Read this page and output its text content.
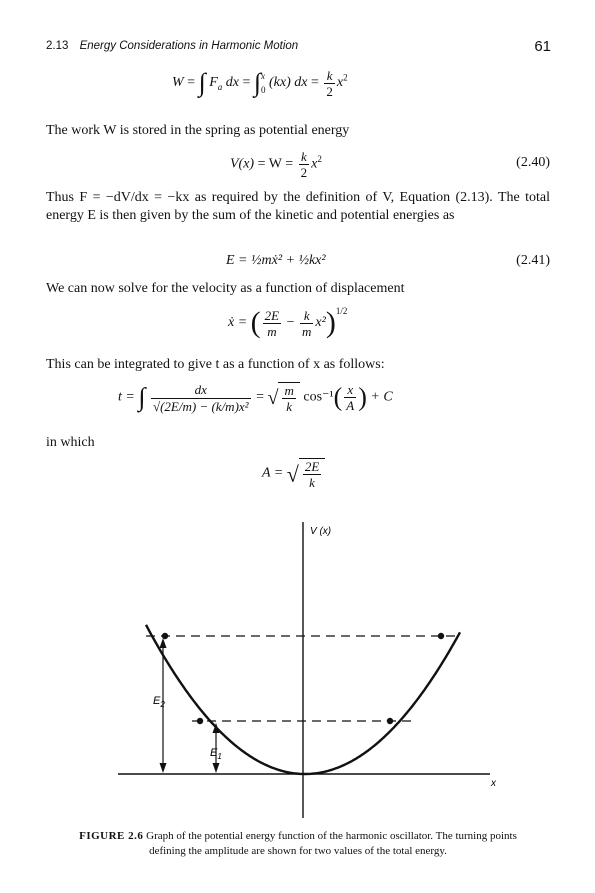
2.13 Energy Considerations in Harmonic Motion	61
W = ∫ $F_a$ dx = ∫ x
0 (kx) dx = $\frac{k}{2} x^2$
The work W is stored in the spring as potential energy
$V(x) = W = \frac{k}{2} x^2$	(2.40)
Thus F = −dV/dx = −kx as required by the definition of V, Equation (2.13). The total energy E is then given by the sum of the kinetic and potential energies as
E = ½mẋ² + ½kx²	(2.41)
We can now solve for the velocity as a function of displacement
ẋ = ( $\frac{2E}{m} - \frac{k}{m} x^2)^{1/2}$
This can be integrated to give t as a function of x as follows:
t = ∫ $\frac{dx}{\text{√(2E/m) − (k/m)x²}}$ = √ $\frac{m}{k} \cos^{-1}( \frac{x}{A}$ ) + C
in which
A = √ $\frac{2E}{k}$
V (x)
x
$E_2$
$E_1$
FIGURE 2.6 Graph of the potential energy function of the harmonic oscillator. The turning points defining the amplitude are shown for two values of the total energy.
